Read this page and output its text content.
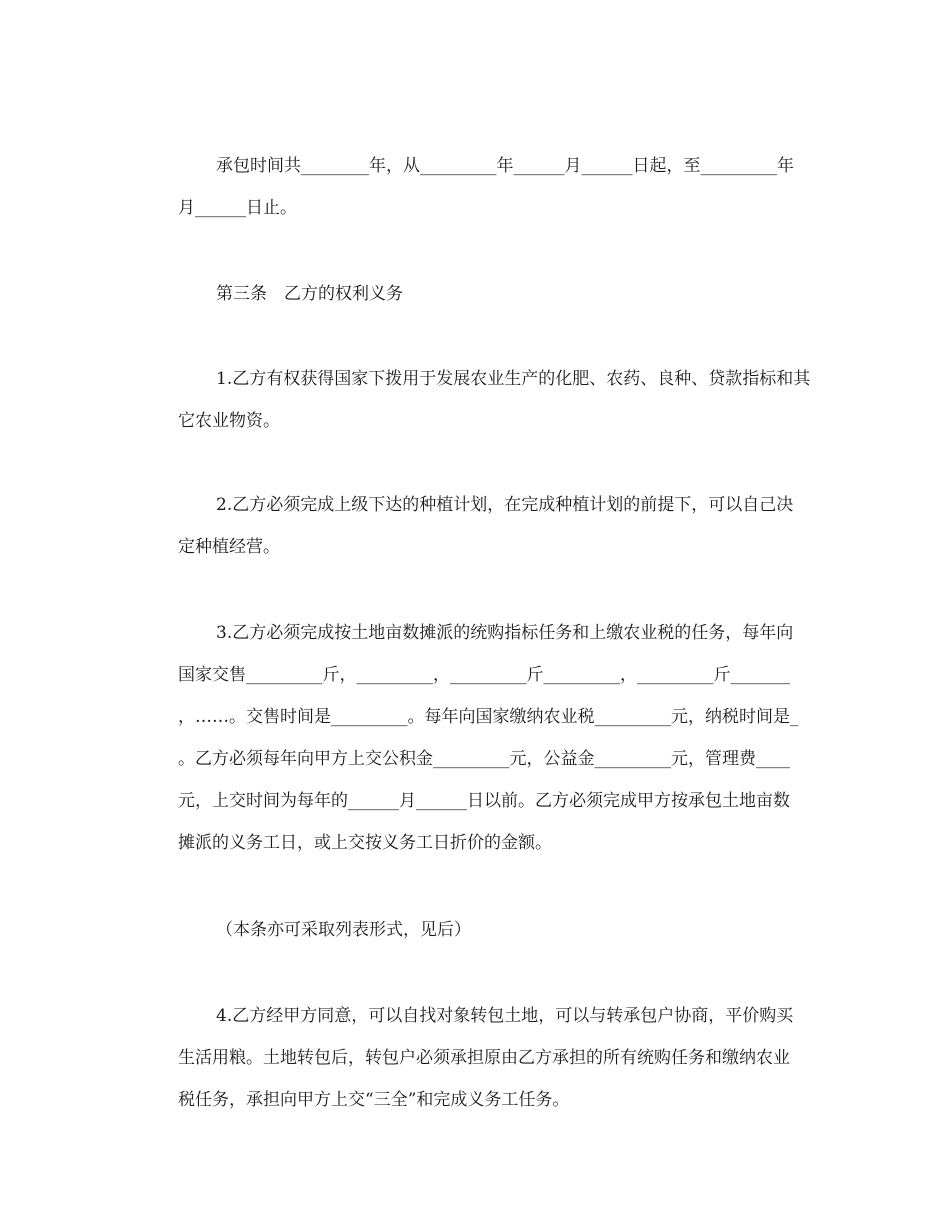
承包时间共________年，从_________年______月______日起，至_________年
月______日止。
第三条　乙方的权利义务
1.乙方有权获得国家下拨用于发展农业生产的化肥、农药、良种、贷款指标和其
它农业物资。
2.乙方必须完成上级下达的种植计划，在完成种植计划的前提下，可以自己决
定种植经营。
3.乙方必须完成按土地亩数摊派的统购指标任务和上缴农业税的任务，每年向
国家交售_________斤，_________，_________斤_________，_________斤_______
，……。交售时间是_________。每年向国家缴纳农业税_________元，纳税时间是_
。乙方必须每年向甲方上交公积金_________元，公益金_________元，管理费____
元，上交时间为每年的______月______日以前。乙方必须完成甲方按承包土地亩数
摊派的义务工日，或上交按义务工日折价的金额。
（本条亦可采取列表形式，见后）
4.乙方经甲方同意，可以自找对象转包土地，可以与转承包户协商，平价购买
生活用粮。土地转包后，转包户必须承担原由乙方承担的所有统购任务和缴纳农业
税任务，承担向甲方上交“三全”和完成义务工任务。
